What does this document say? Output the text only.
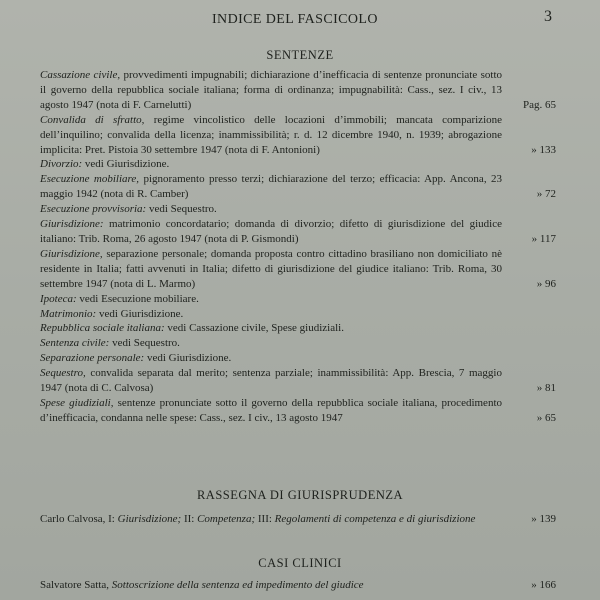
INDICE DEL FASCICOLO	3
SENTENZE
Cassazione civile, provvedimenti impugnabili; dichiarazione d’inefficacia di sentenze pronunciate sotto il governo della repubblica sociale italiana; forma di ordinanza; impugnabilità: Cass., sez. I civ., 13 agosto 1947 (nota di F. Carnelutti)	Pag. 65
Convalida di sfratto, regime vincolistico delle locazioni d’immobili; mancata comparizione dell’inquilino; convalida della licenza; inammissibilità; r. d. 12 dicembre 1940, n. 1939; abrogazione implicita: Pret. Pistoia 30 settembre 1947 (nota di F. Antonioni)	» 133
Divorzio: vedi Giurisdizione.
Esecuzione mobiliare, pignoramento presso terzi; dichiarazione del terzo; efficacia: App. Ancona, 23 maggio 1942 (nota di R. Camber)	» 72
Esecuzione provvisoria: vedi Sequestro.
Giurisdizione: matrimonio concordatario; domanda di divorzio; difetto di giurisdizione del giudice italiano: Trib. Roma, 26 agosto 1947 (nota di P. Gismondi)	» 117
Giurisdizione, separazione personale; domanda proposta contro cittadino brasiliano non domiciliato nè residente in Italia; fatti avvenuti in Italia; difetto di giurisdizione del giudice italiano: Trib. Roma, 30 settembre 1947 (nota di L. Marmo)	» 96
Ipoteca: vedi Esecuzione mobiliare.
Matrimonio: vedi Giurisdizione.
Repubblica sociale italiana: vedi Cassazione civile, Spese giudiziali.
Sentenza civile: vedi Sequestro.
Separazione personale: vedi Giurisdizione.
Sequestro, convalida separata dal merito; sentenza parziale; inammissibilità: App. Brescia, 7 maggio 1947 (nota di C. Calvosa)	» 81
Spese giudiziali, sentenze pronunciate sotto il governo della repubblica sociale italiana, procedimento d’inefficacia, condanna nelle spese: Cass., sez. I civ., 13 agosto 1947	» 65
RASSEGNA DI GIURISPRUDENZA
Carlo Calvosa, I: Giurisdizione; II: Competenza; III: Regolamenti di competenza e di giurisdizione	» 139
CASI CLINICI
Salvatore Satta, Sottoscrizione della sentenza ed impedimento del giudice	» 166
